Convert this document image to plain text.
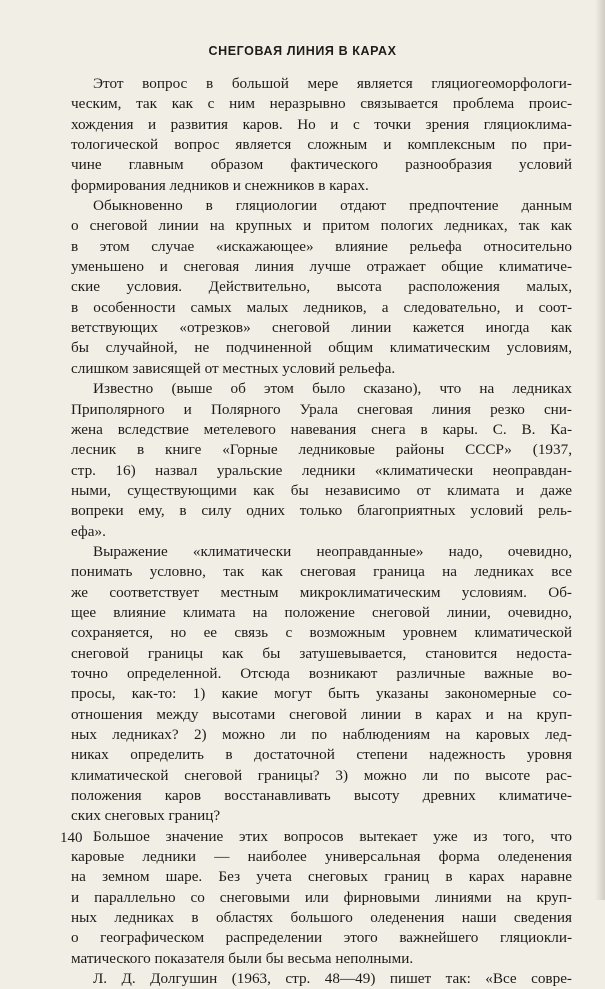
СНЕГОВАЯ ЛИНИЯ В КАРАХ
Этот вопрос в большой мере является гляциогеоморфологи-
ческим, так как с ним неразрывно связывается проблема проис-
хождения и развития каров. Но и с точки зрения гляциоклима-
тологической вопрос является сложным и комплексным по при-
чине главным образом фактического разнообразия условий
формирования ледников и снежников в карах.
Обыкновенно в гляциологии отдают предпочтение данным
о снеговой линии на крупных и притом пологих ледниках, так как
в этом случае «искажающее» влияние рельефа относительно
уменьшено и снеговая линия лучше отражает общие климатиче-
ские условия. Действительно, высота расположения малых,
в особенности самых малых ледников, а следовательно, и соот-
ветствующих «отрезков» снеговой линии кажется иногда как
бы случайной, не подчиненной общим климатическим условиям,
слишком зависящей от местных условий рельефа.
Известно (выше об этом было сказано), что на ледниках
Приполярного и Полярного Урала снеговая линия резко сни-
жена вследствие метелевого навевания снега в кары. С. В. Ка-
лесник в книге «Горные ледниковые районы СССР» (1937,
стр. 16) назвал уральские ледники «климатически неоправдан-
ными, существующими как бы независимо от климата и даже
вопреки ему, в силу одних только благоприятных условий рель-
ефа».
Выражение «климатически неоправданные» надо, очевидно,
понимать условно, так как снеговая граница на ледниках все
же соответствует местным микроклиматическим условиям. Об-
щее влияние климата на положение снеговой линии, очевидно,
сохраняется, но ее связь с возможным уровнем климатической
снеговой границы как бы затушевывается, становится недоста-
точно определенной. Отсюда возникают различные важные во-
просы, как-то: 1) какие могут быть указаны закономерные со-
отношения между высотами снеговой линии в карах и на круп-
ных ледниках? 2) можно ли по наблюдениям на каровых лед-
никах определить в достаточной степени надежность уровня
климатической снеговой границы? 3) можно ли по высоте рас-
положения каров восстанавливать высоту древних климатиче-
ских снеговых границ?
Большое значение этих вопросов вытекает уже из того, что
каровые ледники — наиболее универсальная форма оледенения
на земном шаре. Без учета снеговых границ в карах наравне
и параллельно со снеговыми или фирновыми линиями на круп-
ных ледниках в областях большого оледенения наши сведения
о географическом распределении этого важнейшего гляциокли-
матического показателя были бы весьма неполными.
Л. Д. Долгушин (1963, стр. 48—49) пишет так: «Все совре-

140
